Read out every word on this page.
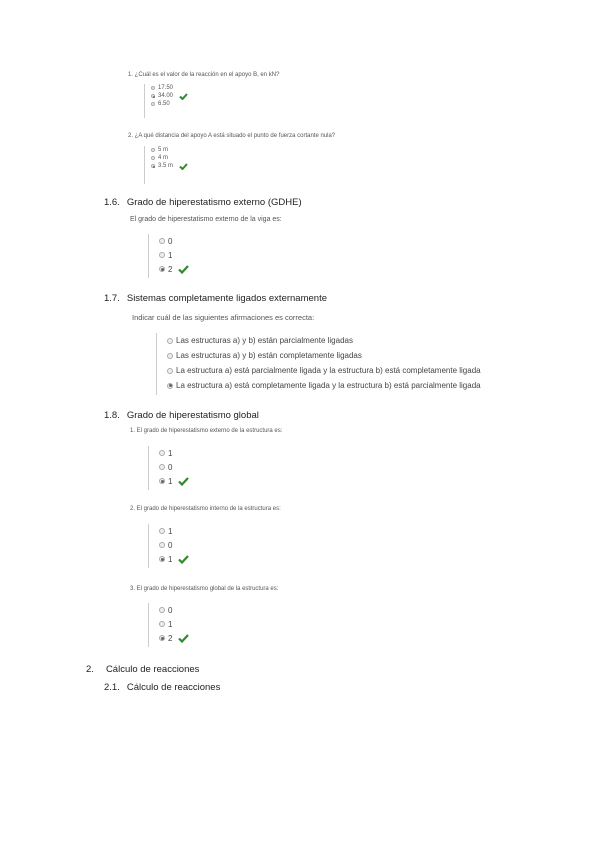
1. ¿Cuál es el valor de la reacción en el apoyo B, en kN?
17.50
34.00
6.50
2. ¿A qué distancia del apoyo A está situado el punto de fuerza cortante nula?
5 m
4 m
3.5 m
1.6. Grado de hiperestatismo externo (GDHE)
El grado de hiperestatismo externo de la viga es:
0
1
2
1.7. Sistemas completamente ligados externamente
Indicar cuál de las siguientes afirmaciones es correcta:
Las estructuras a) y b) están parcialmente ligadas
Las estructuras a) y b) están completamente ligadas
La estructura a) está parcialmente ligada y la estructura b) está completamente ligada
La estructura a) está completamente ligada y la estructura b) está parcialmente ligada
1.8. Grado de hiperestatismo global
1. El grado de hiperestatismo externo de la estructura es:
1
0
1
2. El grado de hiperestatismo interno de la estructura es:
1
0
1
3. El grado de hiperestatismo global de la estructura es:
0
1
2
2. Cálculo de reacciones
2.1. Cálculo de reacciones
